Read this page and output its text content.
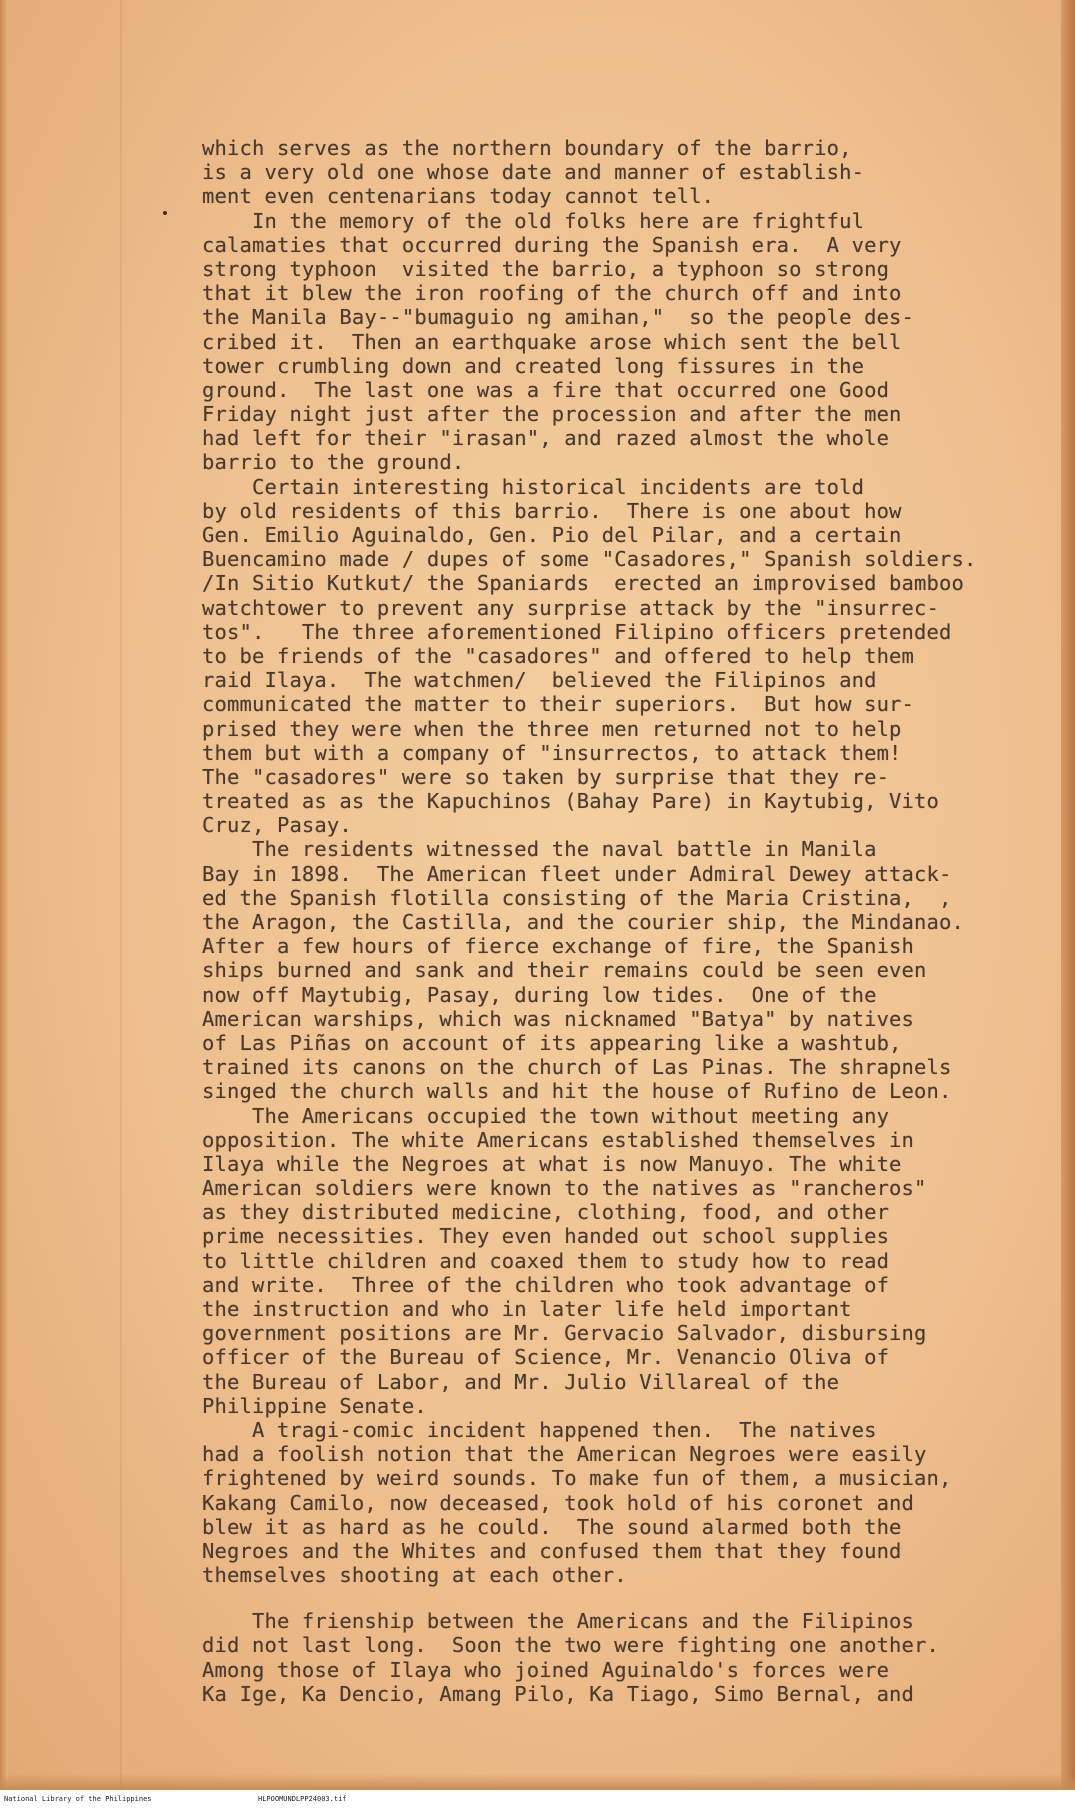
which serves as the northern boundary of the barrio,
is a very old one whose date and manner of establish-
ment even centenarians today cannot tell.
In the memory of the old folks here are frightful
calamaties that occurred during the Spanish era.  A very
strong typhoon  visited the barrio, a typhoon so strong
that it blew the iron roofing of the church off and into
the Manila Bay--"bumaguio ng amihan,"  so the people des-
cribed it.  Then an earthquake arose which sent the bell
tower crumbling down and created long fissures in the
ground.  The last one was a fire that occurred one Good
Friday night just after the procession and after the men
had left for their "irasan", and razed almost the whole
barrio to the ground.
Certain interesting historical incidents are told
by old residents of this barrio.  There is one about how
Gen. Emilio Aguinaldo, Gen. Pio del Pilar, and a certain
Buencamino made / dupes of some "Casadores," Spanish soldiers.
/In Sitio Kutkut/ the Spaniards  erected an improvised bamboo
watchtower to prevent any surprise attack by the "insurrec-
tos".   The three aforementioned Filipino officers pretended
to be friends of the "casadores" and offered to help them
raid Ilaya.  The watchmen/  believed the Filipinos and
communicated the matter to their superiors.  But how sur-
prised they were when the three men returned not to help
them but with a company of "insurrectos, to attack them!
The "casadores" were so taken by surprise that they re-
treated as as the Kapuchinos (Bahay Pare) in Kaytubig, Vito
Cruz, Pasay.
The residents witnessed the naval battle in Manila
Bay in 1898.  The American fleet under Admiral Dewey attack-
ed the Spanish flotilla consisting of the Maria Cristina,  ,
the Aragon, the Castilla, and the courier ship, the Mindanao.
After a few hours of fierce exchange of fire, the Spanish
ships burned and sank and their remains could be seen even
now off Maytubig, Pasay, during low tides.  One of the
American warships, which was nicknamed "Batya" by natives
of Las Piñas on account of its appearing like a washtub,
trained its canons on the church of Las Pinas. The shrapnels
singed the church walls and hit the house of Rufino de Leon.
The Americans occupied the town without meeting any
opposition. The white Americans established themselves in
Ilaya while the Negroes at what is now Manuyo. The white
American soldiers were known to the natives as "rancheros"
as they distributed medicine, clothing, food, and other
prime necessities. They even handed out school supplies
to little children and coaxed them to study how to read
and write.  Three of the children who took advantage of
the instruction and who in later life held important
government positions are Mr. Gervacio Salvador, disbursing
officer of the Bureau of Science, Mr. Venancio Oliva of
the Bureau of Labor, and Mr. Julio Villareal of the
Philippine Senate.
A tragi-comic incident happened then.  The natives
had a foolish notion that the American Negroes were easily
frightened by weird sounds. To make fun of them, a musician,
Kakang Camilo, now deceased, took hold of his coronet and
blew it as hard as he could.  The sound alarmed both the
Negroes and the Whites and confused them that they found
themselves shooting at each other.
The frienship between the Americans and the Filipinos
did not last long.  Soon the two were fighting one another.
Among those of Ilaya who joined Aguinaldo's forces were
Ka Ige, Ka Dencio, Amang Pilo, Ka Tiago, Simo Bernal, and
National Library of the Philippines	HLPOOMUNDLPP24003.tif
